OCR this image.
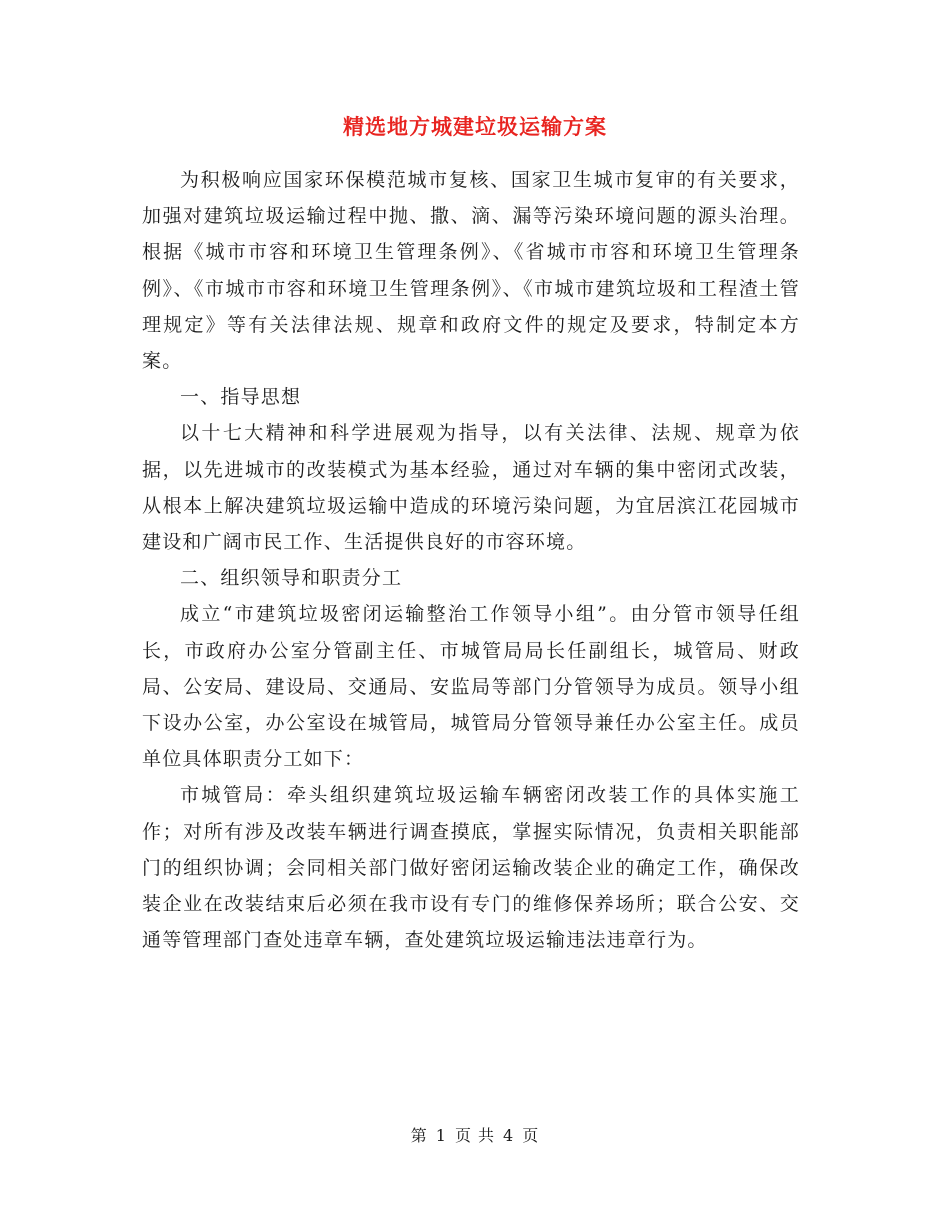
精选地方城建垃圾运输方案

为积极响应国家环保模范城市复核、国家卫生城市复审的有关要求，加强对建筑垃圾运输过程中抛、撒、滴、漏等污染环境问题的源头治理。根据《城市市容和环境卫生管理条例》、《省城市市容和环境卫生管理条例》、《市城市市容和环境卫生管理条例》、《市城市建筑垃圾和工程渣土管理规定》等有关法律法规、规章和政府文件的规定及要求，特制定本方案。

一、指导思想

以十七大精神和科学进展观为指导，以有关法律、法规、规章为依据，以先进城市的改装模式为基本经验，通过对车辆的集中密闭式改装，从根本上解决建筑垃圾运输中造成的环境污染问题，为宜居滨江花园城市建设和广阔市民工作、生活提供良好的市容环境。

二、组织领导和职责分工

成立“市建筑垃圾密闭运输整治工作领导小组”。由分管市领导任组长，市政府办公室分管副主任、市城管局局长任副组长，城管局、财政局、公安局、建设局、交通局、安监局等部门分管领导为成员。领导小组下设办公室，办公室设在城管局，城管局分管领导兼任办公室主任。成员单位具体职责分工如下：

市城管局：牵头组织建筑垃圾运输车辆密闭改装工作的具体实施工作；对所有涉及改装车辆进行调查摸底，掌握实际情况，负责相关职能部门的组织协调；会同相关部门做好密闭运输改装企业的确定工作，确保改装企业在改装结束后必须在我市设有专门的维修保养场所；联合公安、交通等管理部门查处违章车辆，查处建筑垃圾运输违法违章行为。

第 1 页 共 4 页
